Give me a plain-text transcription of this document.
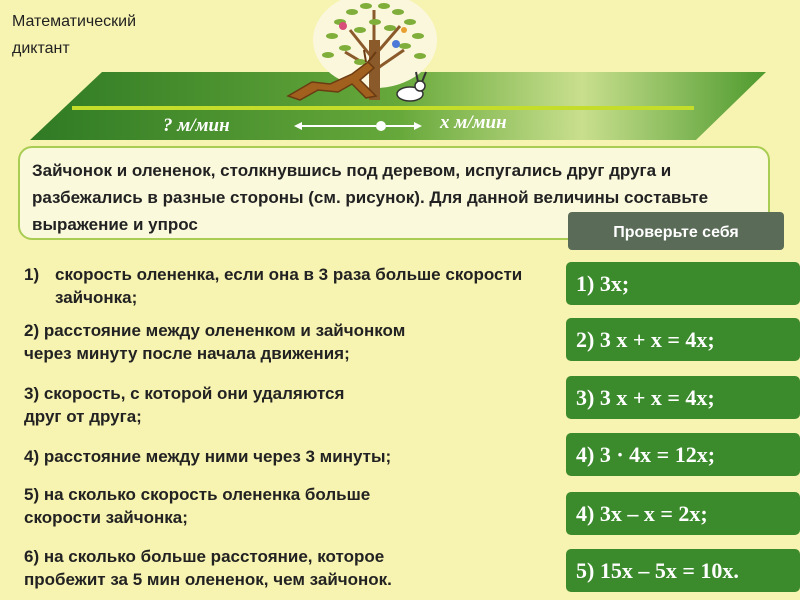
Математический
диктант
? м/мин	x м/мин
Зайчонок и олененок, столкнувшись под деревом, испугались друг друга и разбежались в разные стороны (см. рисунок). Для данной величины составьте выражение и упрос	Проверьте себя
1) скорость олененка, если она в 3 раза больше скорости зайчонка;
2) расстояние между олененком и зайчонком
через минуту после начала движения;
3) скорость, с которой они удаляются
друг от друга;
4) расстояние между ними через 3 минуты;
5) на сколько скорость олененка больше
скорости зайчонка;
6) на сколько больше расстояние, которое
пробежит за 5 мин олененок, чем зайчонок.
1) 3x;
2) 3 x + x = 4x;
3) 3 x + x = 4x;
4) 3 · 4x = 12x;
4) 3x – x = 2x;
5) 15x – 5x = 10x.
